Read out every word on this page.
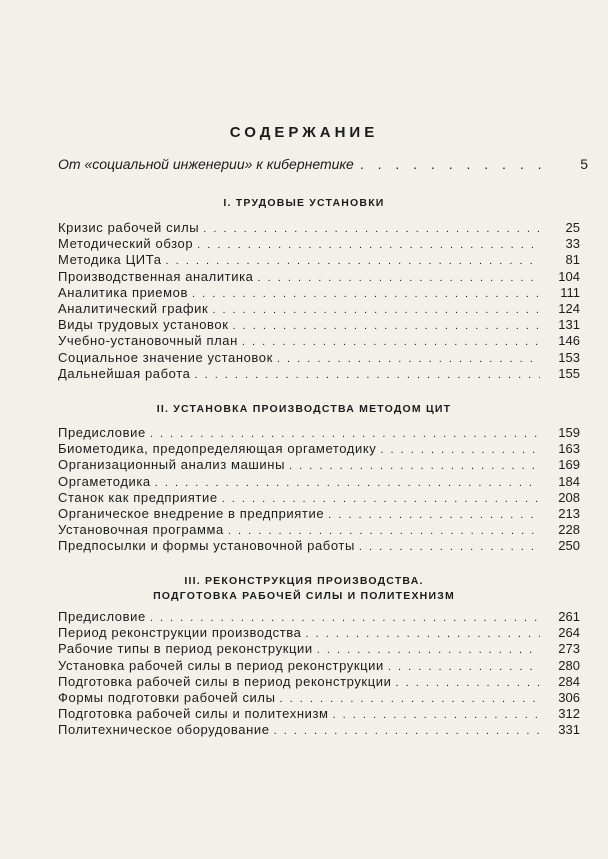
СОДЕРЖАНИЕ
От «социальной инженерии» к кибернетике . . .	5
I. ТРУДОВЫЕ УСТАНОВКИ
Кризис рабочей силы . . .	25
Методический обзор . . .	33
Методика ЦИТа . . .	81
Производственная аналитика . . .	104
Аналитика приемов . . .	111
Аналитический график . . .	124
Виды трудовых установок . . .	131
Учебно-установочный план . . .	146
Социальное значение установок . . .	153
Дальнейшая работа . . .	155
II. УСТАНОВКА ПРОИЗВОДСТВА МЕТОДОМ ЦИТ
Предисловие . . .	159
Биометодика, предопределяющая оргаметодику . . .	163
Организационный анализ машины . . .	169
Оргаметодика . . .	184
Станок как предприятие . . .	208
Органическое внедрение в предприятие . . .	213
Установочная программа . . .	228
Предпосылки и формы установочной работы . . .	250
III. РЕКОНСТРУКЦИЯ ПРОИЗВОДСТВА.
ПОДГОТОВКА РАБОЧЕЙ СИЛЫ И ПОЛИТЕХНИЗМ
Предисловие . . .	261
Период реконструкции производства . . .	264
Рабочие типы в период реконструкции . . .	273
Установка рабочей силы в период реконструкции . . .	280
Подготовка рабочей силы в период реконструкции . . .	284
Формы подготовки рабочей силы . . .	306
Подготовка рабочей силы и политехнизм . . .	312
Политехническое оборудование . . .	331
